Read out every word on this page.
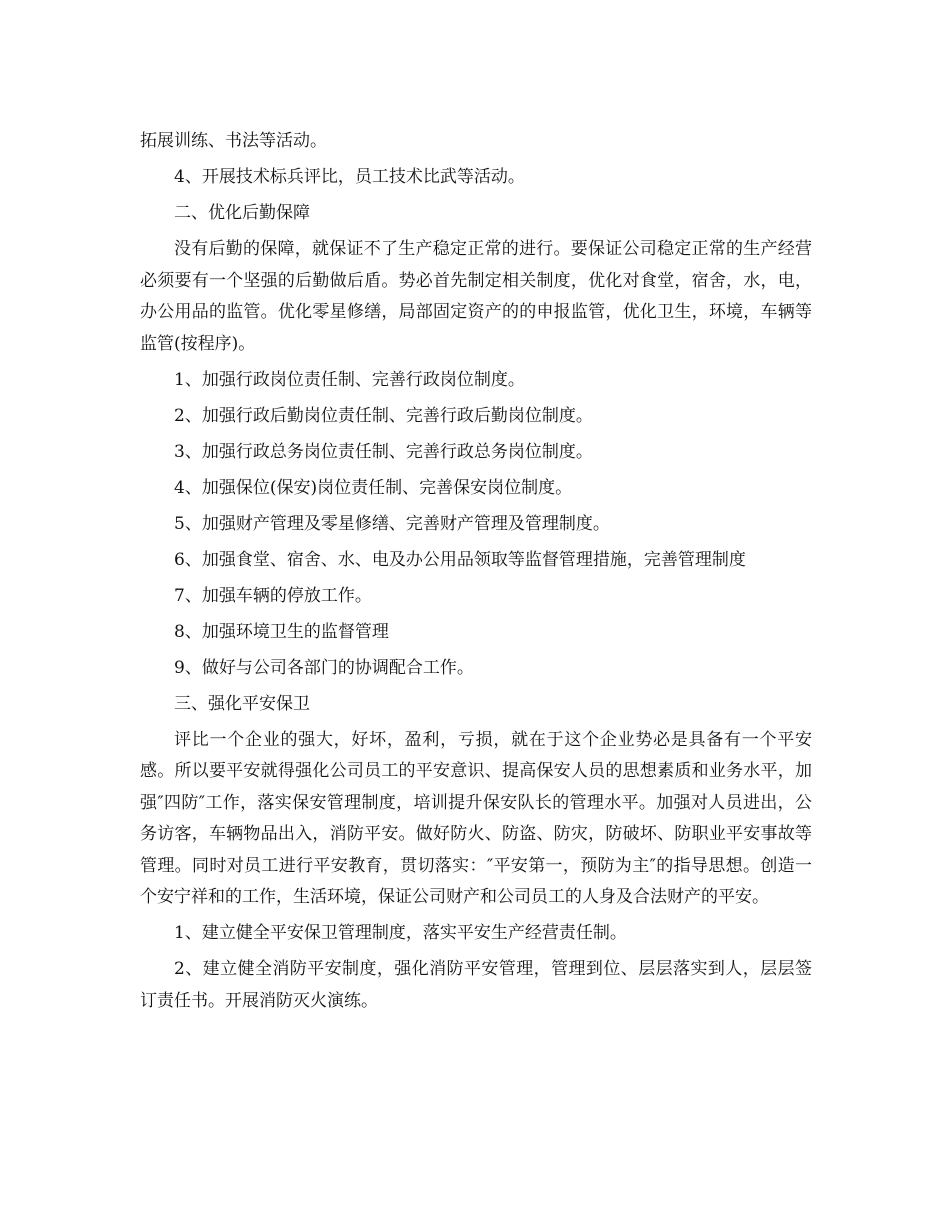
拓展训练、书法等活动。

4、开展技术标兵评比，员工技术比武等活动。

二、优化后勤保障

没有后勤的保障，就保证不了生产稳定正常的进行。要保证公司稳定正常的生产经营必须要有一个坚强的后勤做后盾。势必首先制定相关制度，优化对食堂，宿舍，水，电，办公用品的监管。优化零星修缮，局部固定资产的的申报监管，优化卫生，环境，车辆等监管(按程序)。

1、加强行政岗位责任制、完善行政岗位制度。

2、加强行政后勤岗位责任制、完善行政后勤岗位制度。

3、加强行政总务岗位责任制、完善行政总务岗位制度。

4、加强保位(保安)岗位责任制、完善保安岗位制度。

5、加强财产管理及零星修缮、完善财产管理及管理制度。

6、加强食堂、宿舍、水、电及办公用品领取等监督管理措施，完善管理制度

7、加强车辆的停放工作。

8、加强环境卫生的监督管理

9、做好与公司各部门的协调配合工作。

三、强化平安保卫

评比一个企业的强大，好坏，盈利，亏损，就在于这个企业势必是具备有一个平安感。所以要平安就得强化公司员工的平安意识、提高保安人员的思想素质和业务水平，加强″四防″工作，落实保安管理制度，培训提升保安队长的管理水平。加强对人员进出，公务访客，车辆物品出入，消防平安。做好防火、防盗、防灾，防破坏、防职业平安事故等管理。同时对员工进行平安教育，贯切落实：″平安第一，预防为主″的指导思想。创造一个安宁祥和的工作，生活环境，保证公司财产和公司员工的人身及合法财产的平安。

1、建立健全平安保卫管理制度，落实平安生产经营责任制。

2、建立健全消防平安制度，强化消防平安管理，管理到位、层层落实到人，层层签订责任书。开展消防灭火演练。
